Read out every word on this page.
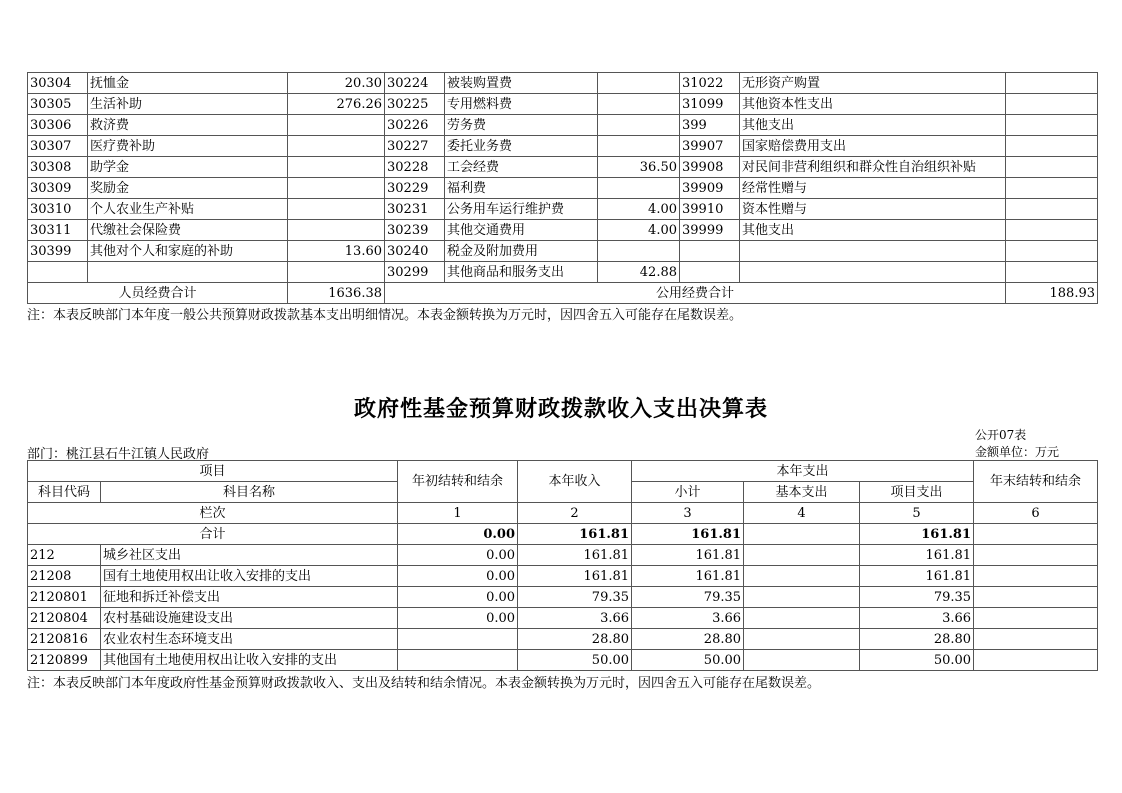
30304	抚恤金	20.30	30224	被装购置费		31022	无形资产购置	
30305	生活补助	276.26	30225	专用燃料费		31099	其他资本性支出	
30306	救济费		30226	劳务费		399	其他支出	
30307	医疗费补助		30227	委托业务费		39907	国家赔偿费用支出	
30308	助学金		30228	工会经费	36.50	39908	对民间非营利组织和群众性自治组织补贴	
30309	奖励金		30229	福利费		39909	经常性赠与	
30310	个人农业生产补贴		30231	公务用车运行维护费	4.00	39910	资本性赠与	
30311	代缴社会保险费		30239	其他交通费用	4.00	39999	其他支出	
30399	其他对个人和家庭的补助	13.60	30240	税金及附加费用				
			30299	其他商品和服务支出	42.88			
人员经费合计		1636.38	公用经费合计					188.93
注：本表反映部门本年度一般公共预算财政拨款基本支出明细情况。本表金额转换为万元时，因四舍五入可能存在尾数误差。
政府性基金预算财政拨款收入支出决算表
公开07表
金额单位：万元
部门：桃江县石牛江镇人民政府
项目		年初结转和结余	本年收入	本年支出			年末结转和结余
科目代码	科目名称			小计	基本支出	项目支出	
栏次		1	2	3	4	5	6
合计		0.00	161.81	161.81		161.81	
212	城乡社区支出	0.00	161.81	161.81		161.81	
21208	国有土地使用权出让收入安排的支出	0.00	161.81	161.81		161.81	
2120801	征地和拆迁补偿支出	0.00	79.35	79.35		79.35	
2120804	农村基础设施建设支出	0.00	3.66	3.66		3.66	
2120816	农业农村生态环境支出		28.80	28.80		28.80	
2120899	其他国有土地使用权出让收入安排的支出		50.00	50.00		50.00	
注：本表反映部门本年度政府性基金预算财政拨款收入、支出及结转和结余情况。本表金额转换为万元时，因四舍五入可能存在尾数误差。
